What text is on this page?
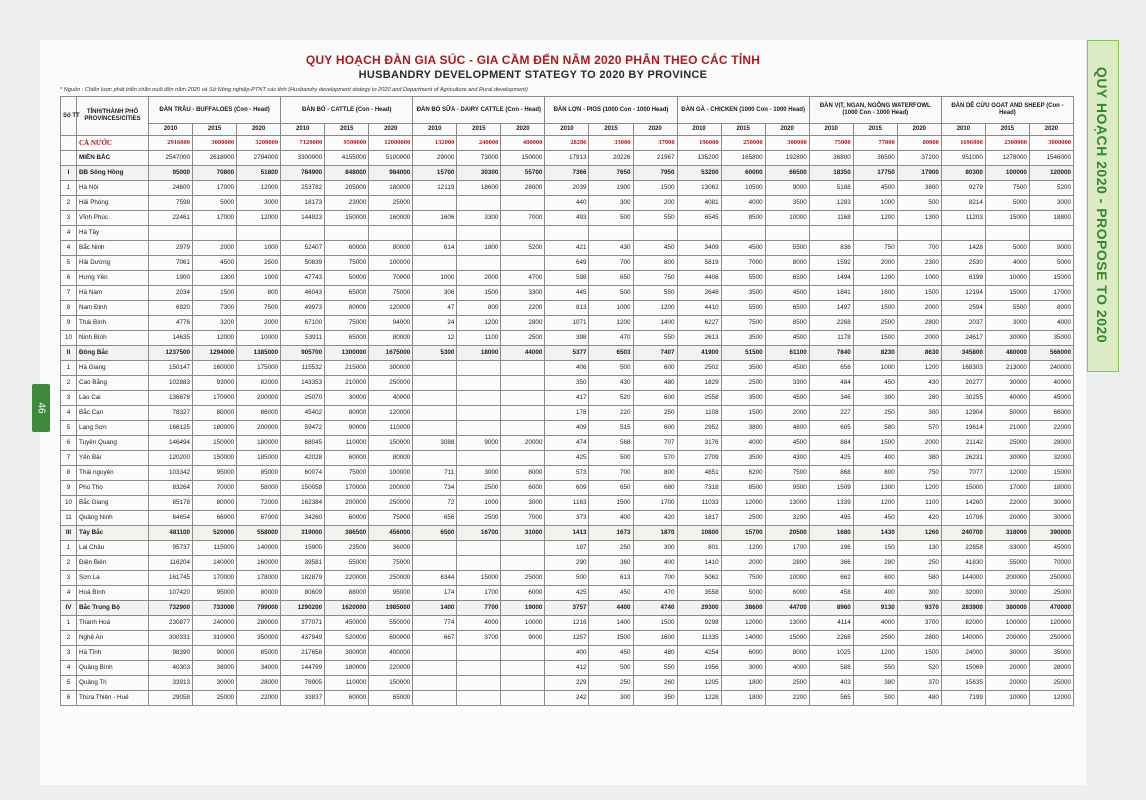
QUY HOẠCH 2020 - PROPOSE TO 2020
46
QUY HOẠCH ĐÀN GIA SÚC - GIA CẦM ĐẾN NĂM 2020 PHÂN THEO CÁC TỈNH
HUSBANDRY DEVELOPMENT STATEGY TO 2020 BY PROVINCE
* Nguồn : Chiến lược phát triển chăn nuôi đến năm 2020 và Sở Nông nghiệp-PTNT các tỉnh (Husbandry development stategy to 2020 and Department of Agriculture and Rural development)
Số TT	TỈNH/THÀNH PHỐ PROVINCES/CITIES	ĐÀN TRÂU - BUFFALOES (Con - Head)			ĐÀN BÒ - CATTLE (Con - Head)			ĐÀN BÒ SỮA - DAIRY CATTLE (Con - Head)			ĐÀN LỢN - PIGS (1000 Con - 1000 Head)			ĐÀN GÀ - CHICKEN (1000 Con - 1000 Head)			ĐÀN VỊT, NGAN, NGỖNG WATERFOWL (1000 Con - 1000 Head)			ĐÀN DÊ CỪU GOAT AND SHEEP (Con - Head)		
		2010	2015	2020	2010	2015	2020	2010	2015	2020	2010	2015	2020	2010	2015	2020	2010	2015	2020	2010	2015	2020
	CẢ NƯỚC	2916000	3000000	3200000	7120000	9500000	12000000	132000	240000	400000	28286	33000	37000	196000	250000	300000	75000	77000	80000	1696000	2300000	3000000
	MIỀN BẮC	2547000	2618000	2794000	3300000	4155000	5100000	29000	73000	150000	17913	20226	21967	135200	165800	192800	36800	36500	37200	951000	1278000	1546000
I	ĐB Sông Hồng	95000	70800	51800	784900	848000	984000	15700	30300	55700	7366	7650	7950	53200	60000	66500	18350	17750	17900	80300	100000	120000
1	Hà Nội	24600	17000	12000	253782	205000	180000	12119	18600	28000	2039	1900	1500	13062	10500	9000	5188	4500	3800	9279	7500	5200
2	Hải Phòng	7598	5000	3000	18173	23000	25000				440	300	200	4081	4000	3500	1283	1000	500	8214	5000	3000
3	Vĩnh Phúc	22461	17000	12000	144923	150000	160000	1606	3300	7000	493	500	550	6545	8500	10000	1168	1200	1300	11203	15000	18800
4	Hà Tây																					
4	Bắc Ninh	2979	2000	1000	52407	60000	80000	614	1800	5200	421	430	450	3409	4500	5500	836	750	700	1428	5000	9000
5	Hải Dương	7061	4500	2500	50839	75000	100000				649	700	800	5819	7000	8000	1592	2000	2300	2530	4000	5000
6	Hưng Yên	1900	1300	1000	47743	50000	70000	1000	2000	4700	598	650	750	4406	5500	6500	1494	1200	1000	6199	10000	15000
7	Hà Nam	2034	1500	800	46043	65000	75000	306	1500	3300	445	500	550	2648	3500	4500	1841	1600	1500	12194	15000	17000
8	Nam Định	6920	7300	7500	49973	80000	120000	47	800	2200	813	1000	1200	4410	5500	6500	1497	1500	2000	2594	5500	8000
9	Thái Bình	4776	3200	2000	67100	75000	94000	24	1200	2800	1071	1200	1400	6227	7500	8500	2268	2500	2800	2037	3000	4000
10	Ninh Bình	14635	12000	10000	53911	65000	80000	12	1100	2500	398	470	550	2613	3500	4500	1178	1500	2000	24617	30000	35000
II	Đông Bắc	1237500	1294000	1385000	905700	1300000	1675000	5300	18000	44000	5377	6503	7407	41900	51500	61100	7840	8230	8630	345800	480000	566000
1	Hà Giang	150147	160000	175000	115532	215000	300000				406	500	600	2502	3500	4500	656	1000	1200	168303	213000	240000
2	Cao Bằng	102883	93000	82000	143353	210000	250000				350	430	480	1829	2500	3300	484	450	430	20277	30000	40000
3	Lào Cai	136878	170000	200000	25070	30000	40000				417	520	600	2558	3500	4500	346	300	280	30255	40000	45000
4	Bắc Cạn	78327	80000	86000	45402	80000	120000				178	220	250	1108	1500	2000	227	250	300	12904	50000	66000
5	Lạng Sơn	166125	180000	200000	59472	90000	110000				409	515	600	2952	3800	4800	605	580	570	19614	21000	22000
6	Tuyên Quang	146494	150000	180000	68045	110000	150000	3088	9000	20000	474	568	707	3176	4000	4500	884	1500	2000	21142	25000	28000
7	Yên Bái	120200	150000	185000	42028	60000	80000				425	500	570	2709	3500	4300	425	400	380	26231	30000	32000
8	Thái nguyên	103342	95000	85000	60074	75000	100000	711	3000	8000	573	700	800	4851	6200	7500	868	800	750	7077	12000	15000
9	Phú Thọ	83264	70000	58000	150058	170000	200000	734	2500	6000	609	650	680	7318	8500	9500	1509	1300	1200	15000	17000	18000
10	Bắc Giang	85178	80000	72000	162384	200000	250000	72	1000	3000	1163	1500	1700	11033	12000	13000	1339	1200	1100	14260	22000	30000
11	Quảng Ninh	64654	66000	67000	34260	60000	75000	656	2500	7000	373	400	420	1817	2500	3200	495	450	420	10706	20000	30000
III	Tây Bắc	481100	520000	558000	319000	386500	456000	6500	16700	31000	1413	1673	1870	10800	15700	20500	1680	1430	1260	240700	318000	390000
1	Lai Châu	95737	115000	140000	15900	23500	36000				197	250	300	801	1200	1700	196	150	130	22858	33000	45000
2	Điện Biên	116204	140000	160000	39581	55000	75000				290	360	400	1410	2000	2800	366	280	250	41830	55000	70000
3	Sơn La	161745	170000	178000	182879	220000	250000	6344	15000	25000	500	613	700	5062	7500	10000	662	600	580	144000	200000	250000
4	Hoà Bình	107420	95000	80000	80609	88000	95000	174	1700	6000	425	450	470	3558	5000	6000	458	400	300	32000	30000	25000
IV	Bắc Trung Bộ	732900	733000	799000	1290200	1620000	1985000	1400	7700	19000	3757	4400	4740	29300	38600	44700	8960	9130	9370	283900	380000	470000
1	Thanh Hoá	230877	240000	280000	377071	450000	550000	774	4000	10000	1216	1400	1500	9298	12000	13000	4114	4000	3700	82000	100000	120000
2	Nghệ An	300331	310000	350000	437949	520000	600000	667	3700	9000	1257	1500	1600	11335	14000	15000	2268	2500	2800	140000	200000	250000
3	Hà Tĩnh	98390	90000	85000	217658	300000	400000				400	450	480	4254	6000	8000	1025	1200	1500	24000	30000	35000
4	Quảng Bình	40303	38000	34000	144799	180000	220000				412	500	550	1956	3000	4000	588	550	520	15069	20000	28000
5	Quảng Trị	33913	30000	28000	78905	110000	150000				229	250	260	1205	1800	2500	403	380	370	15635	20000	25000
6	Thừa Thiên - Huế	29058	25000	22000	33837	60000	65000				242	300	350	1228	1800	2200	565	500	480	7199	10000	12000
